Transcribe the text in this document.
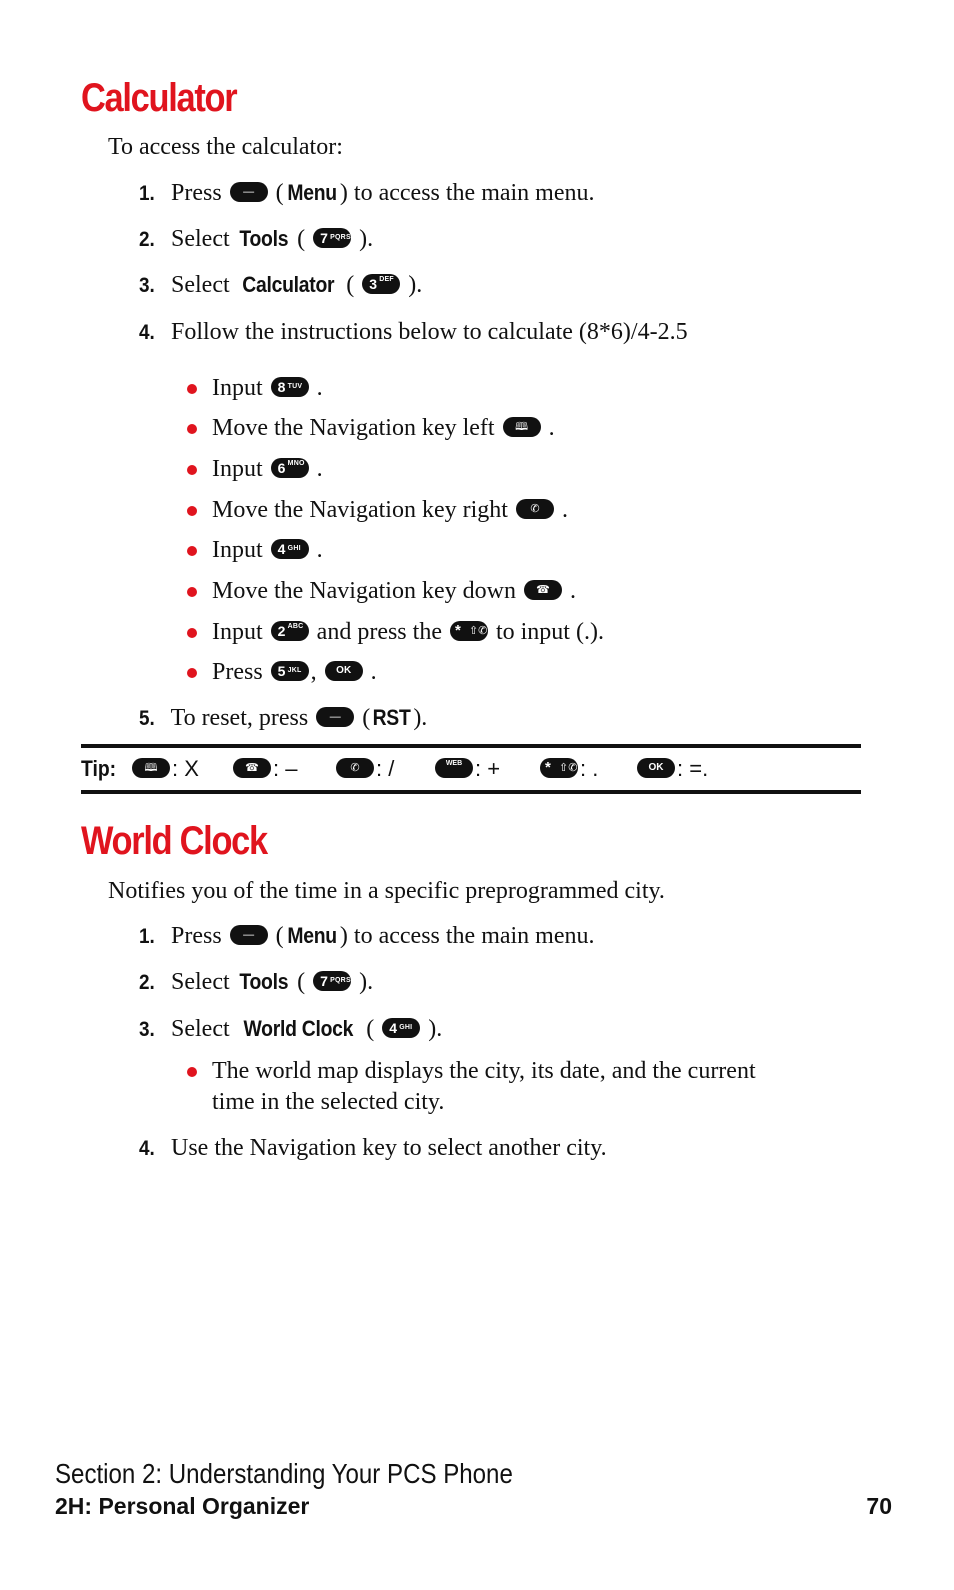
Calculator
To access the calculator:
1. Press	― ( Menu ) to access the main menu.
2. Select Tools ( 7 PQRS ).
3. Select Calculator ( 3 DEF ).
4. Follow the instructions below to calculate (8*6)/4-2.5
Input 8 TUV .
Move the Navigation key left	🕮 .
Input 6 MNO .
Move the Navigation key right	✆ .
Input 4 GHI .
Move the Navigation key down	☎ .
Input 2 ABC and press the * ⇧✆ to input (.).
Press 5 JKL ,	OK .
5. To reset, press	― ( RST ).
Tip:	🕮 : X	☎ : –	✆ : /	WEB : +	* ⇧✆ : .	OK : =.
World Clock
Notifies you of the time in a specific preprogrammed city.
1. Press	― ( Menu ) to access the main menu.
2. Select Tools ( 7 PQRS ).
3. Select World Clock ( 4 GHI ).
The world map displays the city, its date, and the current
time in the selected city.
4. Use the Navigation key to select another city.
Section 2: Understanding Your PCS Phone
2H: Personal Organizer	70
